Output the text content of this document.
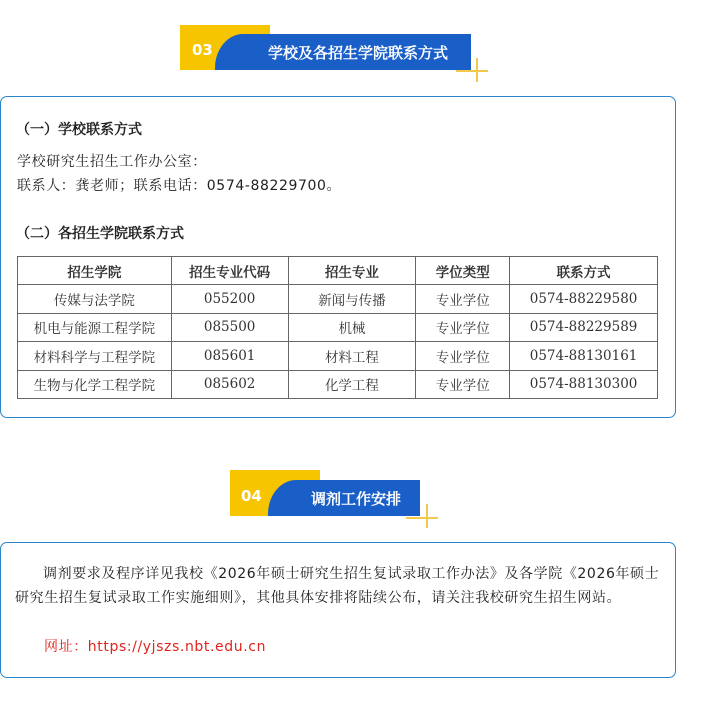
03	学校及各招生学院联系方式
（一）学校联系方式
学校研究生招生工作办公室：
联系人：龚老师；联系电话：0574-88229700。
（二）各招生学院联系方式
招生学院	招生专业代码	招生专业	学位类型	联系方式
传媒与法学院	055200	新闻与传播	专业学位	0574-88229580
机电与能源工程学院	085500	机械	专业学位	0574-88229589
材料科学与工程学院	085601	材料工程	专业学位	0574-88130161
生物与化学工程学院	085602	化学工程	专业学位	0574-88130300
04	调剂工作安排
调剂要求及程序详见我校《2026年硕士研究生招生复试录取工作办法》及各学院《2026年硕士研究生招生复试录取工作实施细则》，其他具体安排将陆续公布，请关注我校研究生招生网站。
网址：https://yjszs.nbt.edu.cn
